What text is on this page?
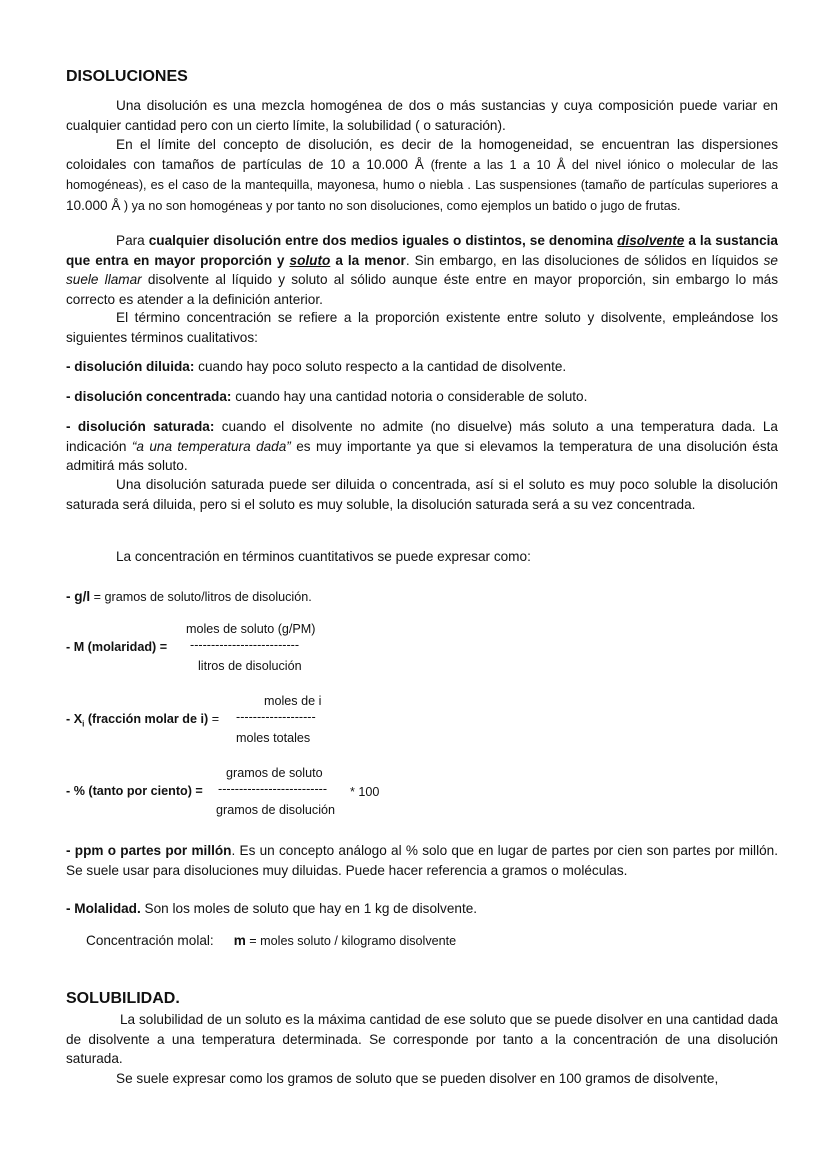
DISOLUCIONES
Una disolución es una mezcla homogénea de dos o más sustancias y cuya composición puede variar en cualquier cantidad pero con un cierto límite, la solubilidad ( o saturación).
En el límite del concepto de disolución, es decir de la homogeneidad, se encuentran las dispersiones coloidales con tamaños de partículas de 10 a 10.000 Å (frente a las 1 a 10 Å del nivel iónico o molecular de las homogéneas), es el caso de la mantequilla, mayonesa, humo o niebla . Las suspensiones (tamaño de partículas superiores a 10.000 Å ) ya no son homogéneas y por tanto no son disoluciones, como ejemplos un batido o jugo de frutas.
Para cualquier disolución entre dos medios iguales o distintos, se denomina disolvente a la sustancia que entra en mayor proporción y soluto a la menor. Sin embargo, en las disoluciones de sólidos en líquidos se suele llamar disolvente al líquido y soluto al sólido aunque éste entre en mayor proporción, sin embargo lo más correcto es atender a la definición anterior.
El término concentración se refiere a la proporción existente entre soluto y disolvente, empleándose los siguientes términos cualitativos:
- disolución diluida: cuando hay poco soluto respecto a la cantidad de disolvente.
- disolución concentrada: cuando hay una cantidad notoria o considerable de soluto.
- disolución saturada: cuando el disolvente no admite (no disuelve) más soluto a una temperatura dada. La indicación “a una temperatura dada” es muy importante ya que si elevamos la temperatura de una disolución ésta admitirá más soluto.
Una disolución saturada puede ser diluida o concentrada, así si el soluto es muy poco soluble la disolución saturada será diluida, pero si el soluto es muy soluble, la disolución saturada será a su vez concentrada.
La concentración en términos cuantitativos se puede expresar como:
- g/l = gramos de soluto/litros de disolución.
moles de soluto (g/PM)
- M (molaridad) = --------------------------
litros de disolución
moles de i
- $X_i$ (fracción molar de i) = -------------------
moles totales
gramos de soluto
- % (tanto por ciento) = -------------------------- * 100
gramos de disolución
- ppm o partes por millón. Es un concepto análogo al % solo que en lugar de partes por cien son partes por millón. Se suele usar para disoluciones muy diluidas. Puede hacer referencia a gramos o moléculas.
- Molalidad. Son los moles de soluto que hay en 1 kg de disolvente.
Concentración molal: m = moles soluto / kilogramo disolvente
SOLUBILIDAD.
La solubilidad de un soluto es la máxima cantidad de ese soluto que se puede disolver en una cantidad dada de disolvente a una temperatura determinada. Se corresponde por tanto a la concentración de una disolución saturada.
Se suele expresar como los gramos de soluto que se pueden disolver en 100 gramos de disolvente,
